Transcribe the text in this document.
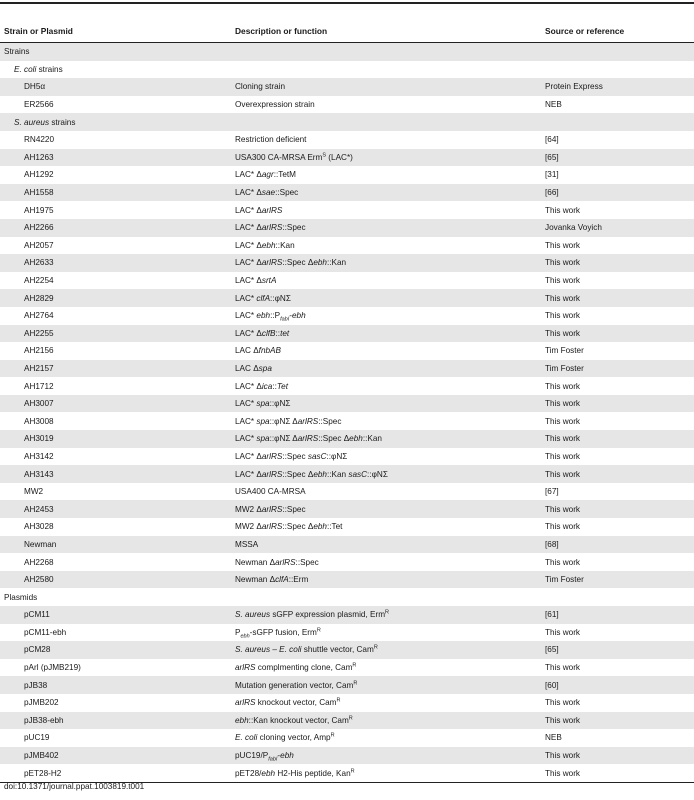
Strain or Plasmid	Description or function	Source or reference
Strains		
E. coli strains		
DH5α	Cloning strain	Protein Express
ER2566	Overexpression strain	NEB
S. aureus strains		
RN4220	Restriction deficient	[64]
AH1263	USA300 CA-MRSA Erm$^S$ (LAC*)	[65]
AH1292	LAC* Δagr::TetM	[31]
AH1558	LAC* Δsae::Spec	[66]
AH1975	LAC* ΔarlRS	This work
AH2266	LAC* ΔarlRS::Spec	Jovanka Voyich
AH2057	LAC* Δebh::Kan	This work
AH2633	LAC* ΔarlRS::Spec Δebh::Kan	This work
AH2254	LAC* ΔsrtA	This work
AH2829	LAC* clfA::φNΣ	This work
AH2764	LAC* $ebh::P_{fabI}$-ebh	This work
AH2255	LAC* ΔclfB::tet	This work
AH2156	LAC ΔfnbAB	Tim Foster
AH2157	LAC Δspa	Tim Foster
AH1712	LAC* Δica::Tet	This work
AH3007	LAC* spa::φNΣ	This work
AH3008	LAC* spa::φNΣ ΔarlRS::Spec	This work
AH3019	LAC* spa::φNΣ ΔarlRS::Spec Δebh::Kan	This work
AH3142	LAC* ΔarlRS::Spec sasC::φNΣ	This work
AH3143	LAC* ΔarlRS::Spec Δebh::Kan sasC::φNΣ	This work
MW2	USA400 CA-MRSA	[67]
AH2453	MW2 ΔarlRS::Spec	This work
AH3028	MW2 ΔarlRS::Spec Δebh::Tet	This work
Newman	MSSA	[68]
AH2268	Newman ΔarlRS::Spec	This work
AH2580	Newman ΔclfA::Erm	Tim Foster
Plasmids		
pCM11	S. aureus sGFP expression plasmid, Erm$^R$	[61]
pCM11-ebh	$P_{ebh}$-sGFP fusion, Erm$^R$	This work
pCM28	S. aureus – E. coli shuttle vector, Cam$^R$	[65]
pArl (pJMB219)	arlRS complmenting clone, Cam$^R$	This work
pJB38	Mutation generation vector, Cam$^R$	[60]
pJMB202	arlRS knockout vector, Cam$^R$	This work
pJB38-ebh	ebh::Kan knockout vector, Cam$^R$	This work
pUC19	E. coli cloning vector, Amp$^R$	NEB
pJMB402	$pUC19/P_{fabI}$-ebh	This work
pET28-H2	pET28/ebh H2-His peptide, Kan$^R$	This work
doi:10.1371/journal.ppat.1003819.t001
